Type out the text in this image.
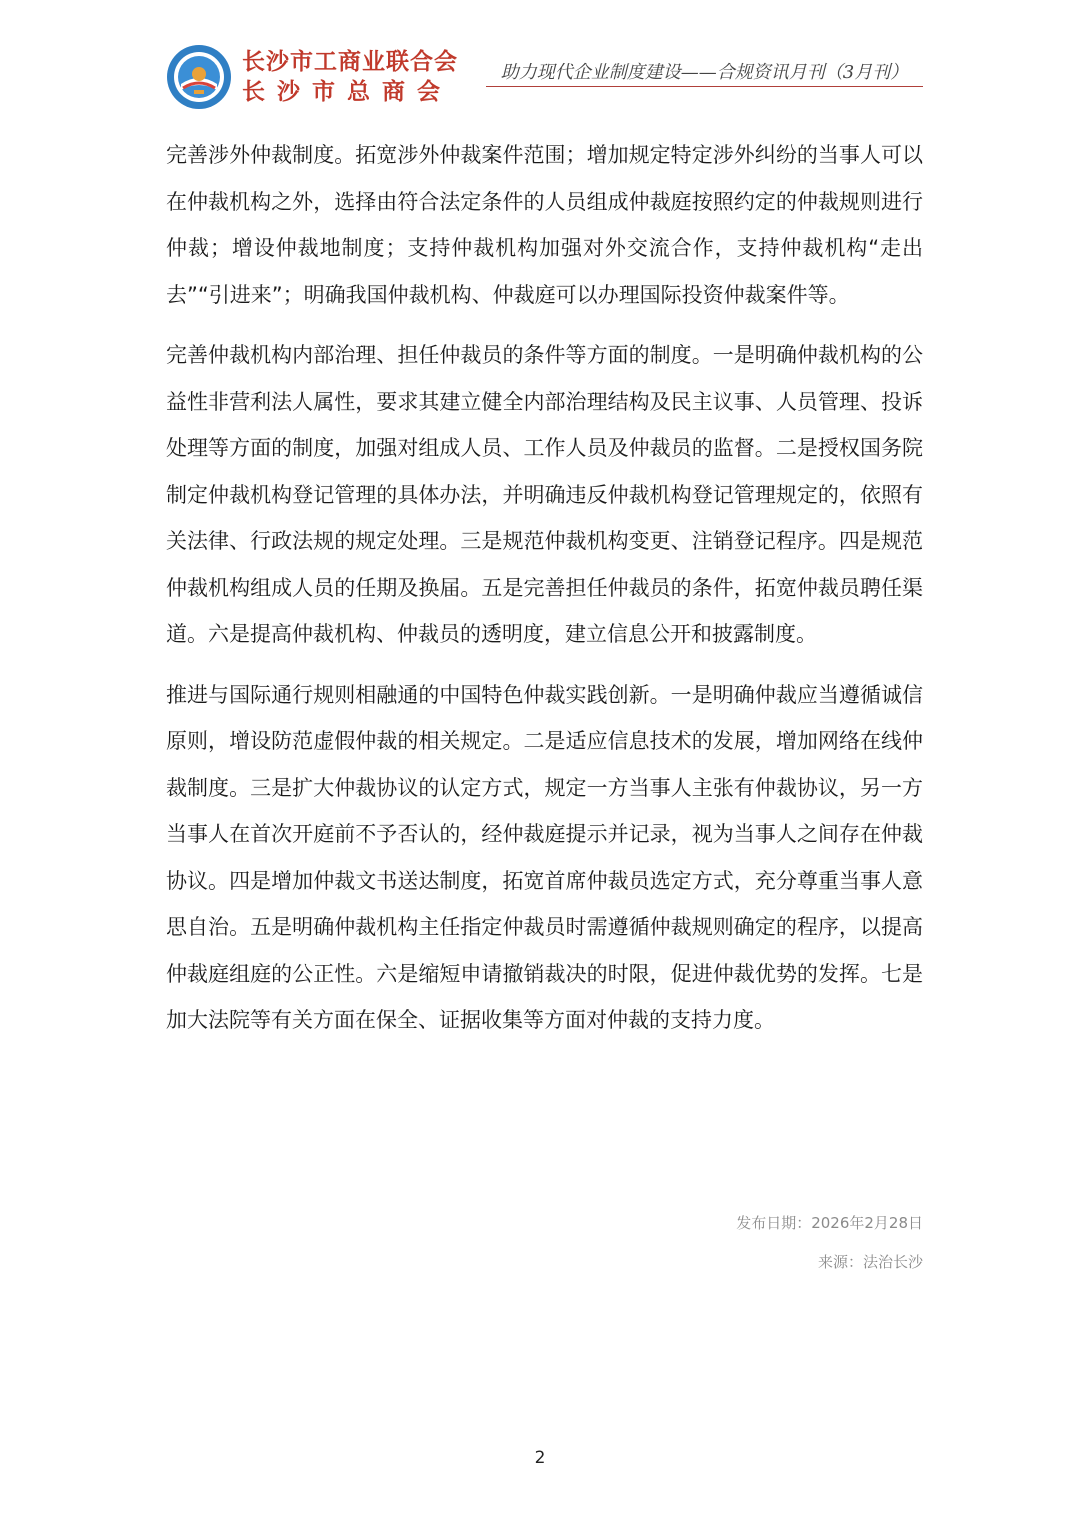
长沙市工商业联合会
长沙市总商会
助力现代企业制度建设——合规资讯月刊（3月刊）

完善涉外仲裁制度。拓宽涉外仲裁案件范围；增加规定特定涉外纠纷的当事人可以在仲裁机构之外，选择由符合法定条件的人员组成仲裁庭按照约定的仲裁规则进行仲裁；增设仲裁地制度；支持仲裁机构加强对外交流合作，支持仲裁机构“走出去”“引进来”；明确我国仲裁机构、仲裁庭可以办理国际投资仲裁案件等。

完善仲裁机构内部治理、担任仲裁员的条件等方面的制度。一是明确仲裁机构的公益性非营利法人属性，要求其建立健全内部治理结构及民主议事、人员管理、投诉处理等方面的制度，加强对组成人员、工作人员及仲裁员的监督。二是授权国务院制定仲裁机构登记管理的具体办法，并明确违反仲裁机构登记管理规定的，依照有关法律、行政法规的规定处理。三是规范仲裁机构变更、注销登记程序。四是规范仲裁机构组成人员的任期及换届。五是完善担任仲裁员的条件，拓宽仲裁员聘任渠道。六是提高仲裁机构、仲裁员的透明度，建立信息公开和披露制度。

推进与国际通行规则相融通的中国特色仲裁实践创新。一是明确仲裁应当遵循诚信原则，增设防范虚假仲裁的相关规定。二是适应信息技术的发展，增加网络在线仲裁制度。三是扩大仲裁协议的认定方式，规定一方当事人主张有仲裁协议，另一方当事人在首次开庭前不予否认的，经仲裁庭提示并记录，视为当事人之间存在仲裁协议。四是增加仲裁文书送达制度，拓宽首席仲裁员选定方式，充分尊重当事人意思自治。五是明确仲裁机构主任指定仲裁员时需遵循仲裁规则确定的程序，以提高仲裁庭组庭的公正性。六是缩短申请撤销裁决的时限，促进仲裁优势的发挥。七是加大法院等有关方面在保全、证据收集等方面对仲裁的支持力度。

发布日期：2026年2月28日
来源：法治长沙
2
